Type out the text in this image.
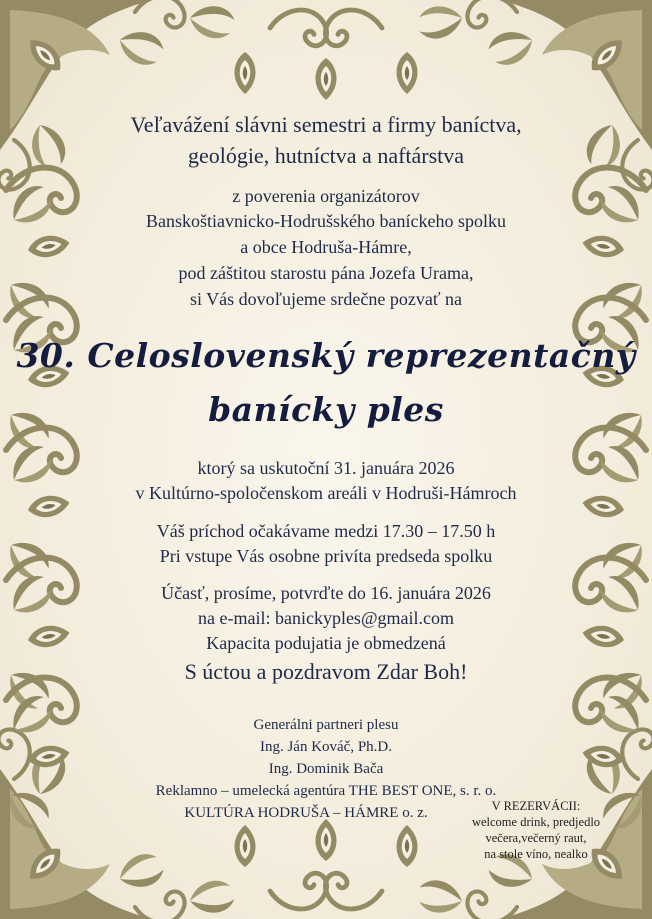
Veľavážení slávni semestri a firmy baníctva,
geológie, hutníctva a naftárstva
z poverenia organizátorov
Banskoštiavnicko-Hodrušského baníckeho spolku
a obce Hodruša-Hámre,
pod záštitou starostu pána Jozefa Urama,
si Vás dovoľujeme srdečne pozvať na
30. Celoslovenský reprezentačný
banícky ples
ktorý sa uskutoční 31. januára 2026
v Kultúrno-spoločenskom areáli v Hodruši-Hámroch
Váš príchod očakávame medzi 17.30 – 17.50 h
Pri vstupe Vás osobne privíta predseda spolku
Účasť, prosíme, potvrďte do 16. januára 2026
na e-mail: banickyples@gmail.com
Kapacita podujatia je obmedzená
S úctou a pozdravom Zdar Boh!
Generálni partneri plesu
Ing. Ján Kováč, Ph.D.
Ing. Dominik Bača
Reklamno – umelecká agentúra THE BEST ONE, s. r. o.
KULTÚRA HODRUŠA – HÁMRE o. z.	V REZERVÁCII:
welcome drink, predjedlo
večera,večerný raut,
na stole víno, nealko
